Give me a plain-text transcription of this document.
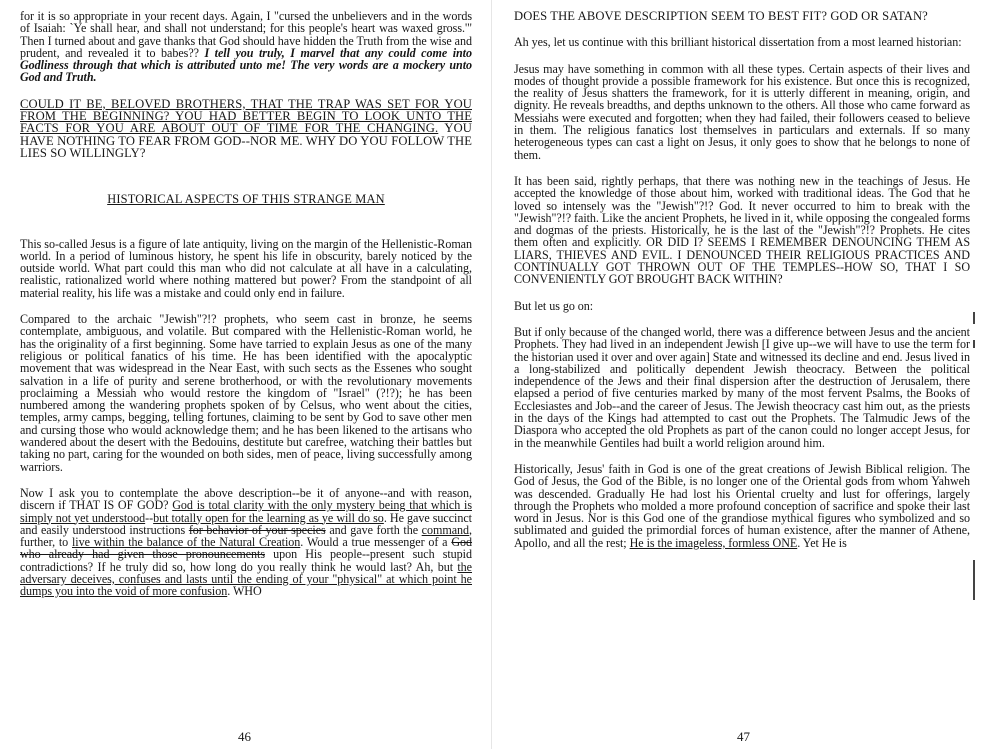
for it is so appropriate in your recent days. Again, I "cursed the unbelievers and in the words of Isaiah: `Ye shall hear, and shall not understand; for this people's heart was waxed gross.'" Then I turned about and gave thanks that God should have hidden the Truth from the wise and prudent, and revealed it to babes?? I tell you truly, I marvel that any could come into Godliness through that which is attributed unto me! The very words are a mockery unto God and Truth.

COULD IT BE, BELOVED BROTHERS, THAT THE TRAP WAS SET FOR YOU FROM THE BEGINNING? YOU HAD BETTER BEGIN TO LOOK UNTO THE FACTS FOR YOU ARE ABOUT OUT OF TIME FOR THE CHANGING. YOU HAVE NOTHING TO FEAR FROM GOD--NOR ME. WHY DO YOU FOLLOW THE LIES SO WILLINGLY?

HISTORICAL ASPECTS OF THIS STRANGE MAN

This so-called Jesus is a figure of late antiquity, living on the margin of the Hellenistic-Roman world. In a period of luminous history, he spent his life in obscurity, barely noticed by the outside world. What part could this man who did not calculate at all have in a calculating, realistic, rationalized world where nothing mattered but power? From the standpoint of all material reality, his life was a mistake and could only end in failure.

Compared to the archaic "Jewish"?!? prophets, who seem cast in bronze, he seems contemplate, ambiguous, and volatile. But compared with the Hellenistic-Roman world, he has the originality of a first beginning. Some have tarried to explain Jesus as one of the many religious or political fanatics of his time. He has been identified with the apocalyptic movement that was widespread in the Near East, with such sects as the Essenes who sought salvation in a life of purity and serene brotherhood, or with the revolutionary movements proclaiming a Messiah who would restore the kingdom of "Israel" (?!?); he has been numbered among the wandering prophets spoken of by Celsus, who went about the cities, temples, army camps, begging, telling fortunes, claiming to be sent by God to save other men and cursing those who would acknowledge them; and he has been likened to the artisans who wandered about the desert with the Bedouins, destitute but carefree, watching their battles but taking no part, caring for the wounded on both sides, men of peace, living successfully among warriors.

Now I ask you to contemplate the above description--be it of anyone--and with reason, discern if THAT IS OF GOD? God is total clarity with the only mystery being that which is simply not yet understood--but totally open for the learning as ye will do so. He gave succinct and easily understood instructions for behavior of your species and gave forth the command, further, to live within the balance of the Natural Creation. Would a true messenger of a God who already had given those pronouncements upon His people--present such stupid contradictions? If he truly did so, how long do you really think he would last? Ah, but the adversary deceives, confuses and lasts until the ending of your "physical" at which point he dumps you into the void of more confusion. WHO

46

DOES THE ABOVE DESCRIPTION SEEM TO BEST FIT? GOD OR SATAN?

Ah yes, let us continue with this brilliant historical dissertation from a most learned historian:

Jesus may have something in common with all these types. Certain aspects of their lives and modes of thought provide a possible framework for his existence. But once this is recognized, the reality of Jesus shatters the framework, for it is utterly different in meaning, origin, and dignity. He reveals breadths, and depths unknown to the others. All those who came forward as Messiahs were executed and forgotten; when they had failed, their followers ceased to believe in them. The religious fanatics lost themselves in particulars and externals. If so many heterogeneous types can cast a light on Jesus, it only goes to show that he belongs to none of them.

It has been said, rightly perhaps, that there was nothing new in the teachings of Jesus. He accepted the knowledge of those about him, worked with traditional ideas. The God that he loved so intensely was the "Jewish"?!? God. It never occurred to him to break with the "Jewish"?!? faith. Like the ancient Prophets, he lived in it, while opposing the congealed forms and dogmas of the priests. Historically, he is the last of the "Jewish"?!? Prophets. He cites them often and explicitly. OR DID I? SEEMS I REMEMBER DENOUNCING THEM AS LIARS, THIEVES AND EVIL. I DENOUNCED THEIR RELIGIOUS PRACTICES AND CONTINUALLY GOT THROWN OUT OF THE TEMPLES--HOW SO, THAT I SO CONVENIENTLY GOT BROUGHT BACK WITHIN?

But let us go on:

But if only because of the changed world, there was a difference between Jesus and the ancient Prophets. They had lived in an independent Jewish [I give up--we will have to use the term for the historian used it over and over again] State and witnessed its decline and end. Jesus lived in a long-stabilized and politically dependent Jewish theocracy. Between the political independence of the Jews and their final dispersion after the destruction of Jerusalem, there elapsed a period of five centuries marked by many of the most fervent Psalms, the Books of Ecclesiastes and Job--and the career of Jesus. The Jewish theocracy cast him out, as the priests in the days of the Kings had attempted to cast out the Prophets. The Talmudic Jews of the Diaspora who accepted the old Prophets as part of the canon could no longer accept Jesus, for in the meanwhile Gentiles had built a world religion around him.

Historically, Jesus' faith in God is one of the great creations of Jewish Biblical religion. The God of Jesus, the God of the Bible, is no longer one of the Oriental gods from whom Yahweh was descended. Gradually He had lost his Oriental cruelty and lust for offerings, largely through the Prophets who molded a more profound conception of sacrifice and spoke their last word in Jesus. Nor is this God one of the grandiose mythical figures who symbolized and so sublimated and guided the primordial forces of human existence, after the manner of Athene, Apollo, and all the rest; He is the imageless, formless ONE. Yet He is

47
